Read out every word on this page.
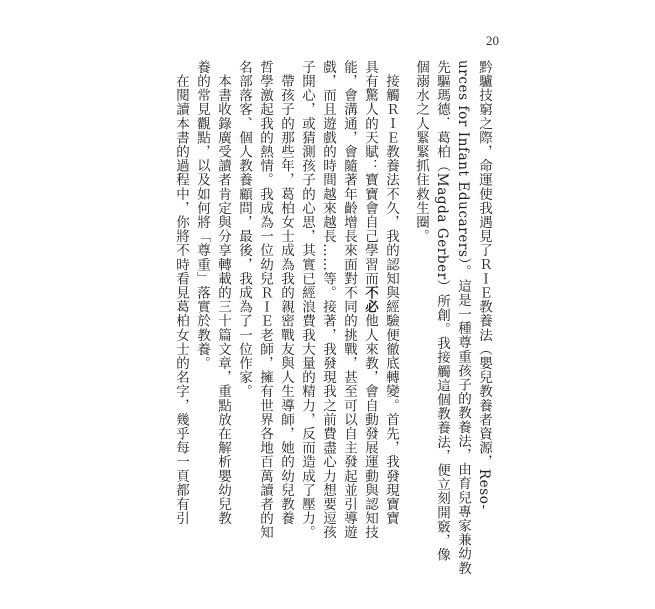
20
黔驢技窮之際，命運使我遇見了ＲＩＥ教養法（嬰兒教養者資源，Reso-
urces for Infant Educarers）。這是一種尊重孩子的教養法，由育兒專家兼幼教
先驅瑪德．葛柏（Magda Gerber）所創。我接觸這個教養法，便立刻開竅，像
個溺水之人緊緊抓住救生圈。
　接觸ＲＩＥ教養法不久，我的認知與經驗便徹底轉變。首先，我發現寶寶
具有驚人的天賦：寶寶會自己學習而不必他人來教，會自動發展運動與認知技
能，會溝通，會隨著年齡增長來面對不同的挑戰，甚至可以自主發起並引導遊
戲，而且遊戲的時間越來越長……等。接著，我發現我之前費盡心力想要逗孩
子開心，或猜測孩子的心思，其實已經浪費我大量的精力，反而造成了壓力。
　帶孩子的那些年，葛柏女士成為我的親密戰友與人生導師，她的幼兒教養
哲學激起我的熱情。我成為一位幼兒ＲＩＥ老師，擁有世界各地百萬讀者的知
名部落客、個人教養顧問，最後，我成為了一位作家。
　本書收錄廣受讀者肯定與分享轉載的三十篇文章，重點放在解析嬰幼兒教
養的常見觀點，以及如何將「尊重」落實於教養。
　在閱讀本書的過程中，你將不時看見葛柏女士的名字，幾乎每一頁都有引
